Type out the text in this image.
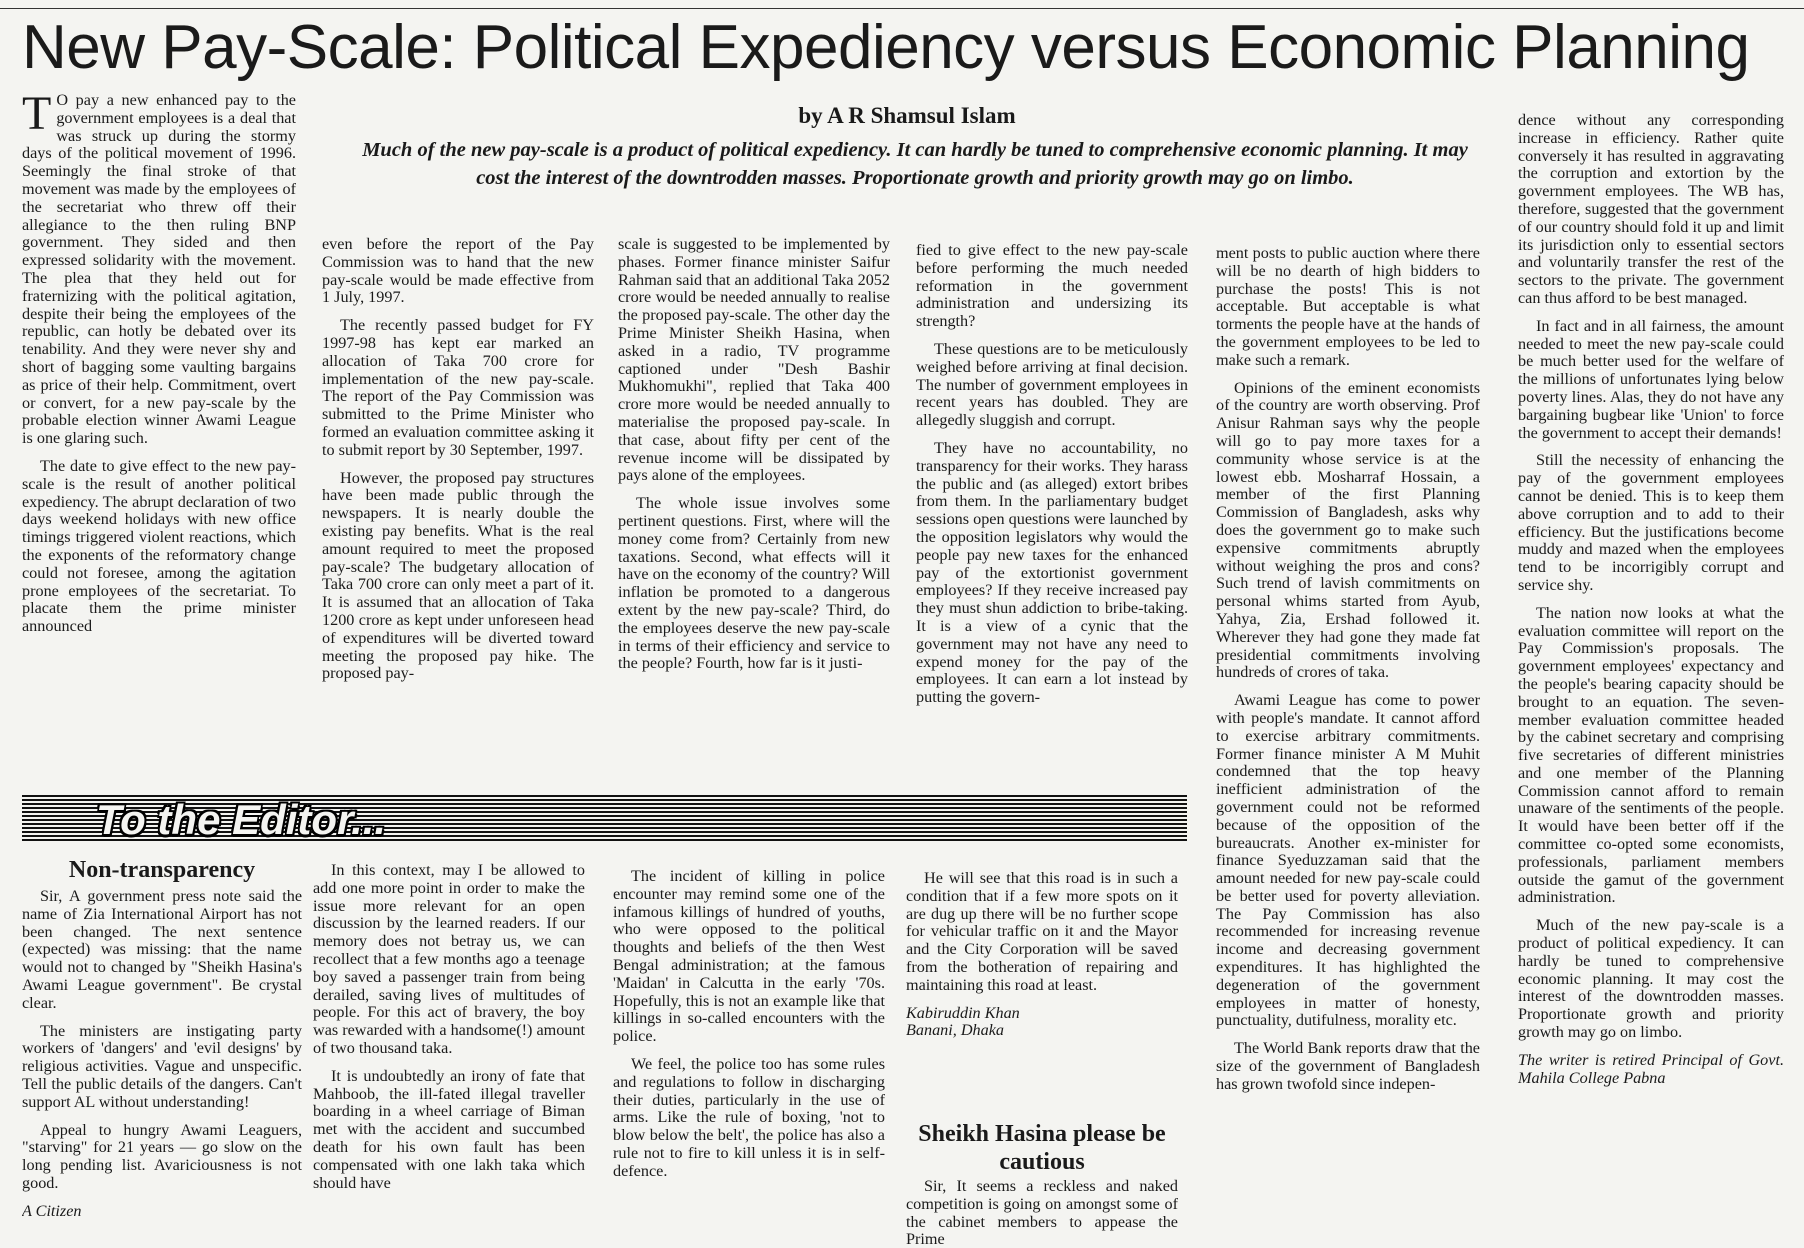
New Pay-Scale: Political Expediency versus Economic Planning

by A R Shamsul Islam

Much of the new pay-scale is a product of political expediency. It can hardly be tuned to comprehensive economic planning. It may cost the interest of the downtrodden masses. Proportionate growth and priority growth may go on limbo.

T O pay a new enhanced pay to the government employees is a deal that was struck up during the stormy days of the political movement of 1996. Seemingly the final stroke of that movement was made by the employees of the secretariat who threw off their allegiance to the then ruling BNP government. They sided and then expressed solidarity with the movement. The plea that they held out for fraternizing with the political agitation, despite their being the employees of the republic, can hotly be debated over its tenability. And they were never shy and short of bagging some vaulting bargains as price of their help. Commitment, overt or convert, for a new pay-scale by the probable election winner Awami League is one glaring such.

The date to give effect to the new pay-scale is the result of another political expediency. The abrupt declaration of two days weekend holidays with new office timings triggered violent reactions, which the exponents of the reformatory change could not foresee, among the agitation prone employees of the secretariat. To placate them the prime minister announced

even before the report of the Pay Commission was to hand that the new pay-scale would be made effective from 1 July, 1997.

The recently passed budget for FY 1997-98 has kept ear marked an allocation of Taka 700 crore for implementation of the new pay-scale. The report of the Pay Commission was submitted to the Prime Minister who formed an evaluation committee asking it to submit report by 30 September, 1997.

However, the proposed pay structures have been made public through the newspapers. It is nearly double the existing pay benefits. What is the real amount required to meet the proposed pay-scale? The budgetary allocation of Taka 700 crore can only meet a part of it. It is assumed that an allocation of Taka 1200 crore as kept under unforeseen head of expenditures will be diverted toward meeting the proposed pay hike. The proposed pay-

scale is suggested to be implemented by phases. Former finance minister Saifur Rahman said that an additional Taka 2052 crore would be needed annually to realise the proposed pay-scale. The other day the Prime Minister Sheikh Hasina, when asked in a radio, TV programme captioned under "Desh Bashir Mukhomukhi", replied that Taka 400 crore more would be needed annually to materialise the proposed pay-scale. In that case, about fifty per cent of the revenue income will be dissipated by pays alone of the employees.

The whole issue involves some pertinent questions. First, where will the money come from? Certainly from new taxations. Second, what effects will it have on the economy of the country? Will inflation be promoted to a dangerous extent by the new pay-scale? Third, do the employees deserve the new pay-scale in terms of their efficiency and service to the people? Fourth, how far is it justi-

fied to give effect to the new pay-scale before performing the much needed reformation in the government administration and undersizing its strength?

These questions are to be meticulously weighed before arriving at final decision. The number of government employees in recent years has doubled. They are allegedly sluggish and corrupt.

They have no accountability, no transparency for their works. They harass the public and (as alleged) extort bribes from them. In the parliamentary budget sessions open questions were launched by the opposition legislators why would the people pay new taxes for the enhanced pay of the extortionist government employees? If they receive increased pay they must shun addiction to bribe-taking. It is a view of a cynic that the government may not have any need to expend money for the pay of the employees. It can earn a lot instead by putting the govern-

ment posts to public auction where there will be no dearth of high bidders to purchase the posts! This is not acceptable. But acceptable is what torments the people have at the hands of the government employees to be led to make such a remark.

Opinions of the eminent economists of the country are worth observing. Prof Anisur Rahman says why the people will go to pay more taxes for a community whose service is at the lowest ebb. Mosharraf Hossain, a member of the first Planning Commission of Bangladesh, asks why does the government go to make such expensive commitments abruptly without weighing the pros and cons? Such trend of lavish commitments on personal whims started from Ayub, Yahya, Zia, Ershad followed it. Wherever they had gone they made fat presidential commitments involving hundreds of crores of taka.

Awami League has come to power with people's mandate. It cannot afford to exercise arbitrary commitments. Former finance minister A M Muhit condemned that the top heavy inefficient administration of the government could not be reformed because of the opposition of the bureaucrats. Another ex-minister for finance Syeduzzaman said that the amount needed for new pay-scale could be better used for poverty alleviation. The Pay Commission has also recommended for increasing revenue income and decreasing government expenditures. It has highlighted the degeneration of the government employees in matter of honesty, punctuality, dutifulness, morality etc.

The World Bank reports draw that the size of the government of Bangladesh has grown twofold since indepen-

dence without any corresponding increase in efficiency. Rather quite conversely it has resulted in aggravating the corruption and extortion by the government employees. The WB has, therefore, suggested that the government of our country should fold it up and limit its jurisdiction only to essential sectors and voluntarily transfer the rest of the sectors to the private. The government can thus afford to be best managed.

In fact and in all fairness, the amount needed to meet the new pay-scale could be much better used for the welfare of the millions of unfortunates lying below poverty lines. Alas, they do not have any bargaining bugbear like 'Union' to force the government to accept their demands!

Still the necessity of enhancing the pay of the government employees cannot be denied. This is to keep them above corruption and to add to their efficiency. But the justifications become muddy and mazed when the employees tend to be incorrigibly corrupt and service shy.

The nation now looks at what the evaluation committee will report on the Pay Commission's proposals. The government employees' expectancy and the people's bearing capacity should be brought to an equation. The seven-member evaluation committee headed by the cabinet secretary and comprising five secretaries of different ministries and one member of the Planning Commission cannot afford to remain unaware of the sentiments of the people. It would have been better off if the committee co-opted some economists, professionals, parliament members outside the gamut of the government administration.

Much of the new pay-scale is a product of political expediency. It can hardly be tuned to comprehensive economic planning. It may cost the interest of the downtrodden masses. Proportionate growth and priority growth may go on limbo.

The writer is retired Principal of Govt. Mahila College Pabna

To the Editor...
Non-transparency

Sir, A government press note said the name of Zia International Airport has not been changed. The next sentence (expected) was missing: that the name would not to changed by "Sheikh Hasina's Awami League government". Be crystal clear.

The ministers are instigating party workers of 'dangers' and 'evil designs' by religious activities. Vague and unspecific. Tell the public details of the dangers. Can't support AL without understanding!

Appeal to hungry Awami Leaguers, "starving" for 21 years — go slow on the long pending list. Avariciousness is not good.

A Citizen

In this context, may I be allowed to add one more point in order to make the issue more relevant for an open discussion by the learned readers. If our memory does not betray us, we can recollect that a few months ago a teenage boy saved a passenger train from being derailed, saving lives of multitudes of people. For this act of bravery, the boy was rewarded with a handsome(!) amount of two thousand taka.

It is undoubtedly an irony of fate that Mahboob, the ill-fated illegal traveller boarding in a wheel carriage of Biman met with the accident and succumbed death for his own fault has been compensated with one lakh taka which should have

The incident of killing in police encounter may remind some one of the infamous killings of hundred of youths, who were opposed to the political thoughts and beliefs of the then West Bengal administration; at the famous 'Maidan' in Calcutta in the early '70s. Hopefully, this is not an example like that killings in so-called encounters with the police.

We feel, the police too has some rules and regulations to follow in discharging their duties, particularly in the use of arms. Like the rule of boxing, 'not to blow below the belt', the police has also a rule not to fire to kill unless it is in self-defence.

He will see that this road is in such a condition that if a few more spots on it are dug up there will be no further scope for vehicular traffic on it and the Mayor and the City Corporation will be saved from the botheration of repairing and maintaining this road at least.

Kabiruddin Khan

Banani, Dhaka

Sheikh Hasina please be cautious

Sir, It seems a reckless and naked competition is going on amongst some of the cabinet members to appease the Prime
